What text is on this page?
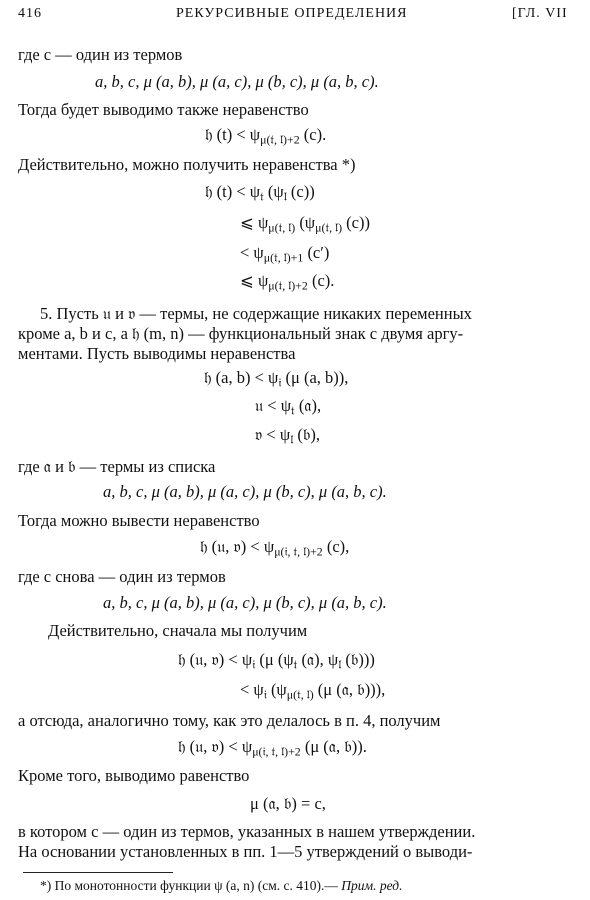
416	РЕКУРСИВНЫЕ ОПРЕДЕЛЕНИЯ	[ГЛ. VII
где c — один из термов
a, b, c, μ (a, b), μ (a, c), μ (b, c), μ (a, b, c).
Тогда будет выводимо также неравенство
𝔥 $(t) < \psi_{\mu(𝔱, 𝔩)+2}$ (c).
Действительно, можно получить неравенства *)
𝔥 $(t) < \psi_𝔱$ ($\psi_𝔩$ (c))
⩽ $\psi_{\mu(𝔱, 𝔩)}$ ($\psi_{\mu(𝔱, 𝔩)}$ (c))
< $\psi_{\mu(𝔱, 𝔩)+1}$ (c′)
⩽ $\psi_{\mu(𝔱, 𝔩)+2}$ (c).
5. Пусть 𝔲 и 𝔳 — термы, не содержащие никаких переменных
кроме a, b и c, а 𝔥 (m, n) — функциональный знак с двумя аргу-
ментами. Пусть выводимы неравенства
𝔥 (a, $b) < \psi_𝔦$ (μ (a, b)),
𝔲 < $\psi_𝔱$ (𝔞),
𝔳 < $\psi_𝔩$ (𝔟),
где 𝔞 и 𝔟 — термы из списка
a, b, c, μ (a, b), μ (a, c), μ (b, c), μ (a, b, c).
Тогда можно вывести неравенство
𝔥 (𝔲, 𝔳) < $\psi_{\mu(𝔦, 𝔱, 𝔩)+2}$ (c),
где c снова — один из термов
a, b, c, μ (a, b), μ (a, c), μ (b, c), μ (a, b, c).
Действительно, сначала мы получим
𝔥 (𝔲, 𝔳) < $\psi_𝔦$ (μ ($\psi_𝔱$ (𝔞), $\psi_𝔩$ (𝔟)))
< $\psi_𝔦$ ($\psi_{\mu(𝔱, 𝔩)}$ (μ (𝔞, 𝔟))),
а отсюда, аналогично тому, как это делалось в п. 4, получим
𝔥 (𝔲, 𝔳) < $\psi_{\mu(𝔦, 𝔱, 𝔩)+2}$ (μ (𝔞, 𝔟)).
Кроме того, выводимо равенство
μ (𝔞, 𝔟) = c,
в котором c — один из термов, указанных в нашем утверждении.
На основании установленных в пп. 1—5 утверждений о выводи-
*) По монотонности функции ψ (a, n) (см. с. 410).— Прим. ред.
